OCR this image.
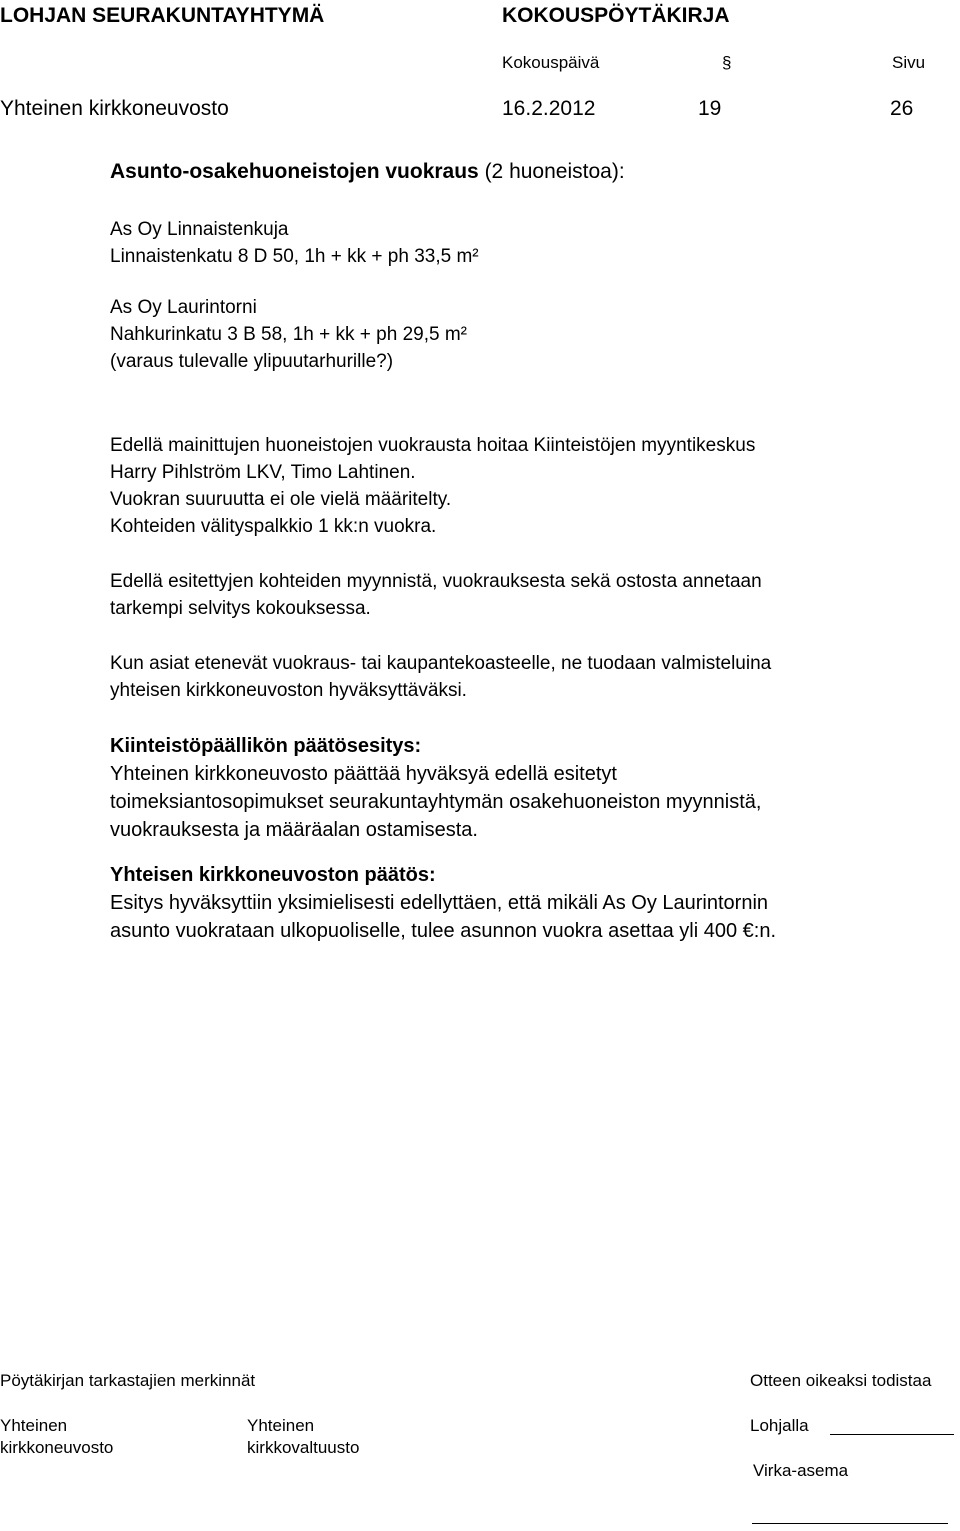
LOHJAN SEURAKUNTAYHTYMÄ	KOKOUSPÖYTÄKIRJA
Kokouspäivä	§	Sivu
Yhteinen kirkkoneuvosto	16.2.2012	19	26
Asunto-osakehuoneistojen vuokraus (2 huoneistoa):
As Oy Linnaistenkuja
Linnaistenkatu 8 D 50, 1h + kk + ph 33,5 m²
As Oy Laurintorni
Nahkurinkatu 3 B 58, 1h + kk + ph 29,5 m²
(varaus tulevalle ylipuutarhurille?)
Edellä mainittujen huoneistojen vuokrausta hoitaa Kiinteistöjen myyntikeskus
Harry Pihlström LKV, Timo Lahtinen.
Vuokran suuruutta ei ole vielä määritelty.
Kohteiden välityspalkkio 1 kk:n vuokra.
Edellä esitettyjen kohteiden myynnistä, vuokrauksesta sekä ostosta annetaan
tarkempi selvitys kokouksessa.
Kun asiat etenevät vuokraus- tai kaupantekoasteelle, ne tuodaan valmisteluina
yhteisen kirkkoneuvoston hyväksyttäväksi.
Kiinteistöpäällikön päätösesitys:
Yhteinen kirkkoneuvosto päättää hyväksyä edellä esitetyt
toimeksiantosopimukset seurakuntayhtymän osakehuoneiston myynnistä,
vuokrauksesta ja määräalan ostamisesta.
Yhteisen kirkkoneuvoston päätös:
Esitys hyväksyttiin yksimielisesti edellyttäen, että mikäli As Oy Laurintornin
asunto vuokrataan ulkopuoliselle, tulee asunnon vuokra asettaa yli 400 €:n.
Pöytäkirjan tarkastajien merkinnät	Otteen oikeaksi todistaa
Yhteinen
kirkkoneuvosto
Yhteinen
kirkkovaltuusto
Lohjalla
Virka-asema
